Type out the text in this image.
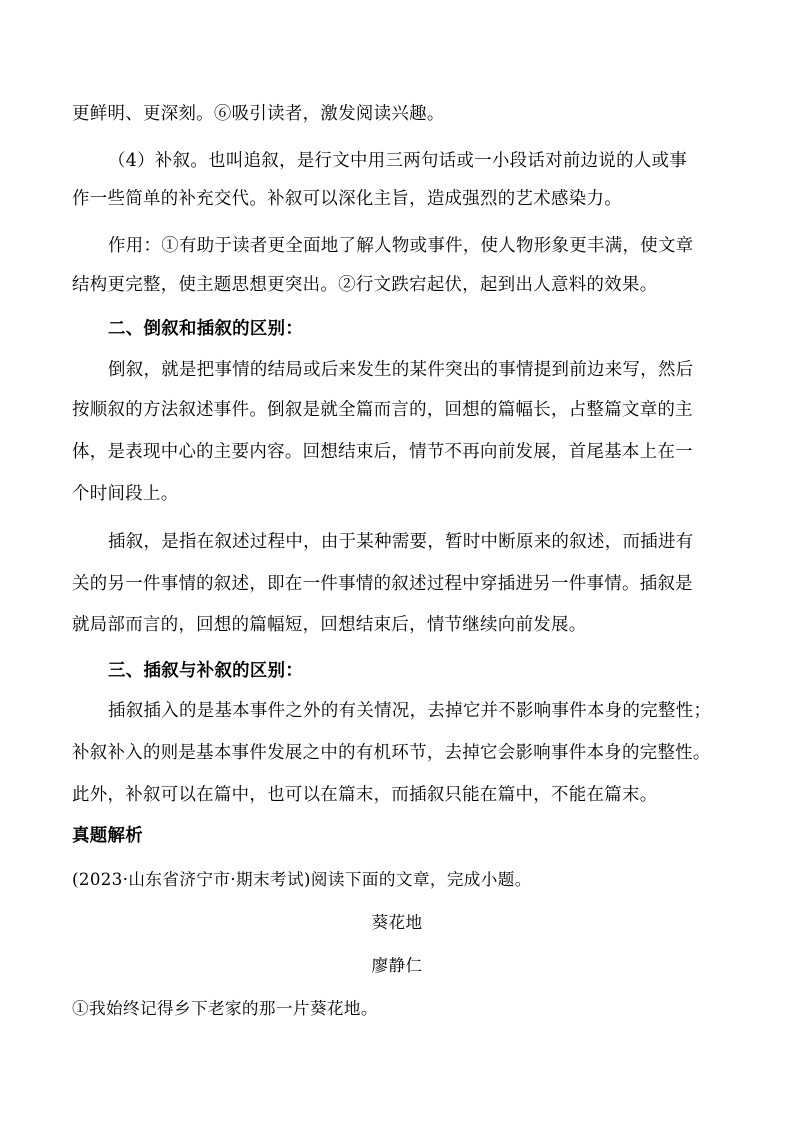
更鲜明、更深刻。⑥吸引读者，激发阅读兴趣。
（4）补叙。也叫追叙，是行文中用三两句话或一小段话对前边说的人或事
作一些简单的补充交代。补叙可以深化主旨，造成强烈的艺术感染力。
作用：①有助于读者更全面地了解人物或事件，使人物形象更丰满，使文章
结构更完整，使主题思想更突出。②行文跌宕起伏，起到出人意料的效果。
二、倒叙和插叙的区别：
倒叙，就是把事情的结局或后来发生的某件突出的事情提到前边来写，然后
按顺叙的方法叙述事件。倒叙是就全篇而言的，回想的篇幅长，占整篇文章的主
体，是表现中心的主要内容。回想结束后，情节不再向前发展，首尾基本上在一
个时间段上。
插叙，是指在叙述过程中，由于某种需要，暂时中断原来的叙述，而插进有
关的另一件事情的叙述，即在一件事情的叙述过程中穿插进另一件事情。插叙是
就局部而言的，回想的篇幅短，回想结束后，情节继续向前发展。
三、插叙与补叙的区别：
插叙插入的是基本事件之外的有关情况，去掉它并不影响事件本身的完整性；
补叙补入的则是基本事件发展之中的有机环节，去掉它会影响事件本身的完整性。
此外，补叙可以在篇中，也可以在篇末，而插叙只能在篇中，不能在篇末。
真题解析
(2023·山东省济宁市·期末考试)阅读下面的文章，完成小题。
葵花地
廖静仁
①我始终记得乡下老家的那一片葵花地。
